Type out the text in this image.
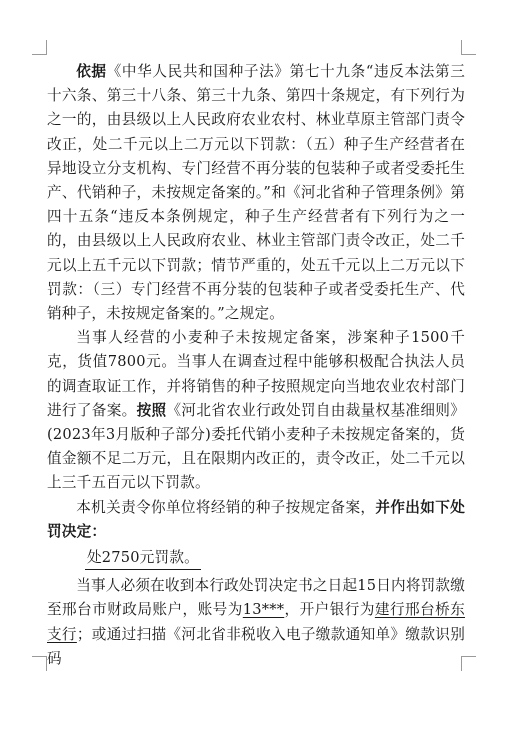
依据《中华人民共和国种子法》第七十九条“违反本法第三十六条、第三十八条、第三十九条、第四十条规定，有下列行为之一的，由县级以上人民政府农业农村、林业草原主管部门责令改正，处二千元以上二万元以下罚款：（五）种子生产经营者在异地设立分支机构、专门经营不再分装的包装种子或者受委托生产、代销种子，未按规定备案的。”和《河北省种子管理条例》第四十五条“违反本条例规定，种子生产经营者有下列行为之一的，由县级以上人民政府农业、林业主管部门责令改正，处二千元以上五千元以下罚款；情节严重的，处五千元以上二万元以下罚款：（三）专门经营不再分装的包装种子或者受委托生产、代销种子，未按规定备案的。”之规定。

当事人经营的小麦种子未按规定备案，涉案种子1500千克，货值7800元。当事人在调查过程中能够积极配合执法人员的调查取证工作，并将销售的种子按照规定向当地农业农村部门进行了备案。按照《河北省农业行政处罚自由裁量权基准细则》(2023年3月版种子部分)委托代销小麦种子未按规定备案的，货值金额不足二万元，且在限期内改正的，责令改正，处二千元以上三千五百元以下罚款。

本机关责令你单位将经销的种子按规定备案，并作出如下处罚决定：

处2750元罚款。

当事人必须在收到本行政处罚决定书之日起15日内将罚款缴至邢台市财政局账户，账号为13***，开户银行为建行邢台桥东支行；或通过扫描《河北省非税收入电子缴款通知单》缴款识别码
